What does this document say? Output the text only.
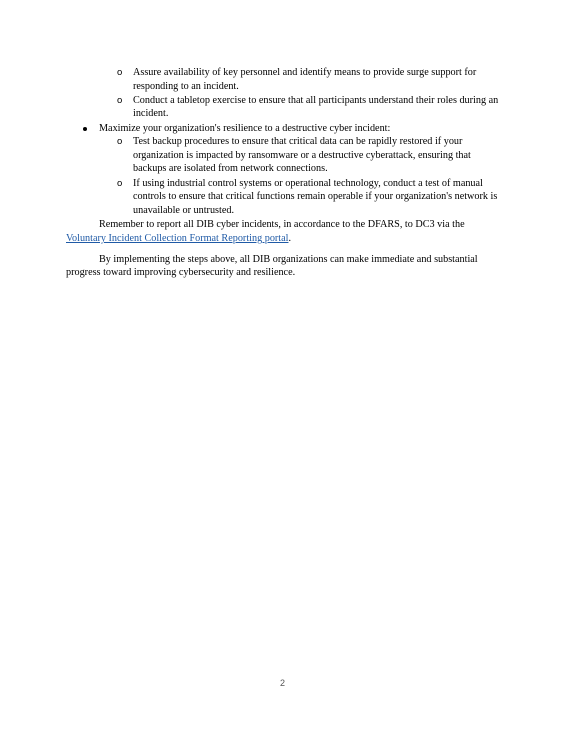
o Assure availability of key personnel and identify means to provide surge support for responding to an incident.
o Conduct a tabletop exercise to ensure that all participants understand their roles during an incident.
Maximize your organization's resilience to a destructive cyber incident:
o Test backup procedures to ensure that critical data can be rapidly restored if your organization is impacted by ransomware or a destructive cyberattack, ensuring that backups are isolated from network connections.
o If using industrial control systems or operational technology, conduct a test of manual controls to ensure that critical functions remain operable if your organization's network is unavailable or untrusted.

Remember to report all DIB cyber incidents, in accordance to the DFARS, to DC3 via the Voluntary Incident Collection Format Reporting portal.

By implementing the steps above, all DIB organizations can make immediate and substantial progress toward improving cybersecurity and resilience.

2
